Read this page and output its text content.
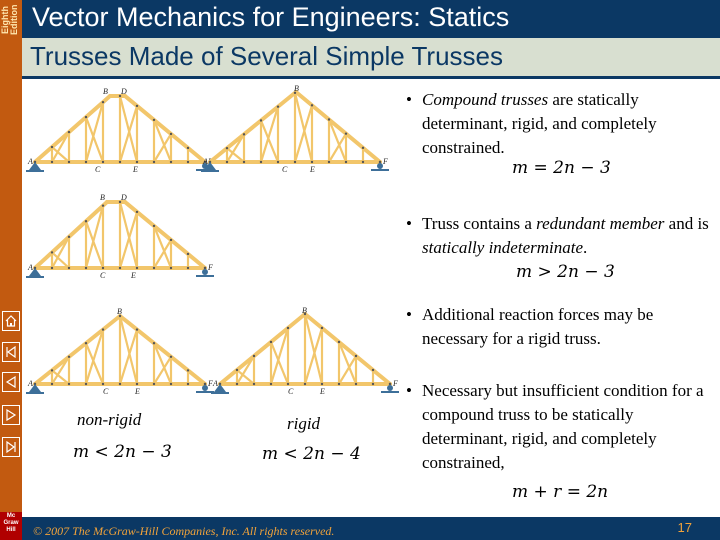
Eighth
Edition
Mc
Graw
Hill
Vector Mechanics for Engineers: Statics
Trusses Made of Several Simple Trusses
B D
A
C	E
B
A	F
C	E
B D
A	F
C	E
B
A	F
C	E
B
A	F
C	E
non-rigid
m < 2n − 3
rigid
m < 2n − 4
• Compound trusses are statically determinant, rigid, and completely constrained.
m = 2n − 3
• Truss contains a redundant member and is statically indeterminate.
m > 2n − 3
• Additional reaction forces may be necessary for a rigid truss.
• Necessary but insufficient condition for a compound truss to be statically determinant, rigid, and completely constrained,
m + r = 2n
© 2007 The McGraw-Hill Companies, Inc. All rights reserved.	17
